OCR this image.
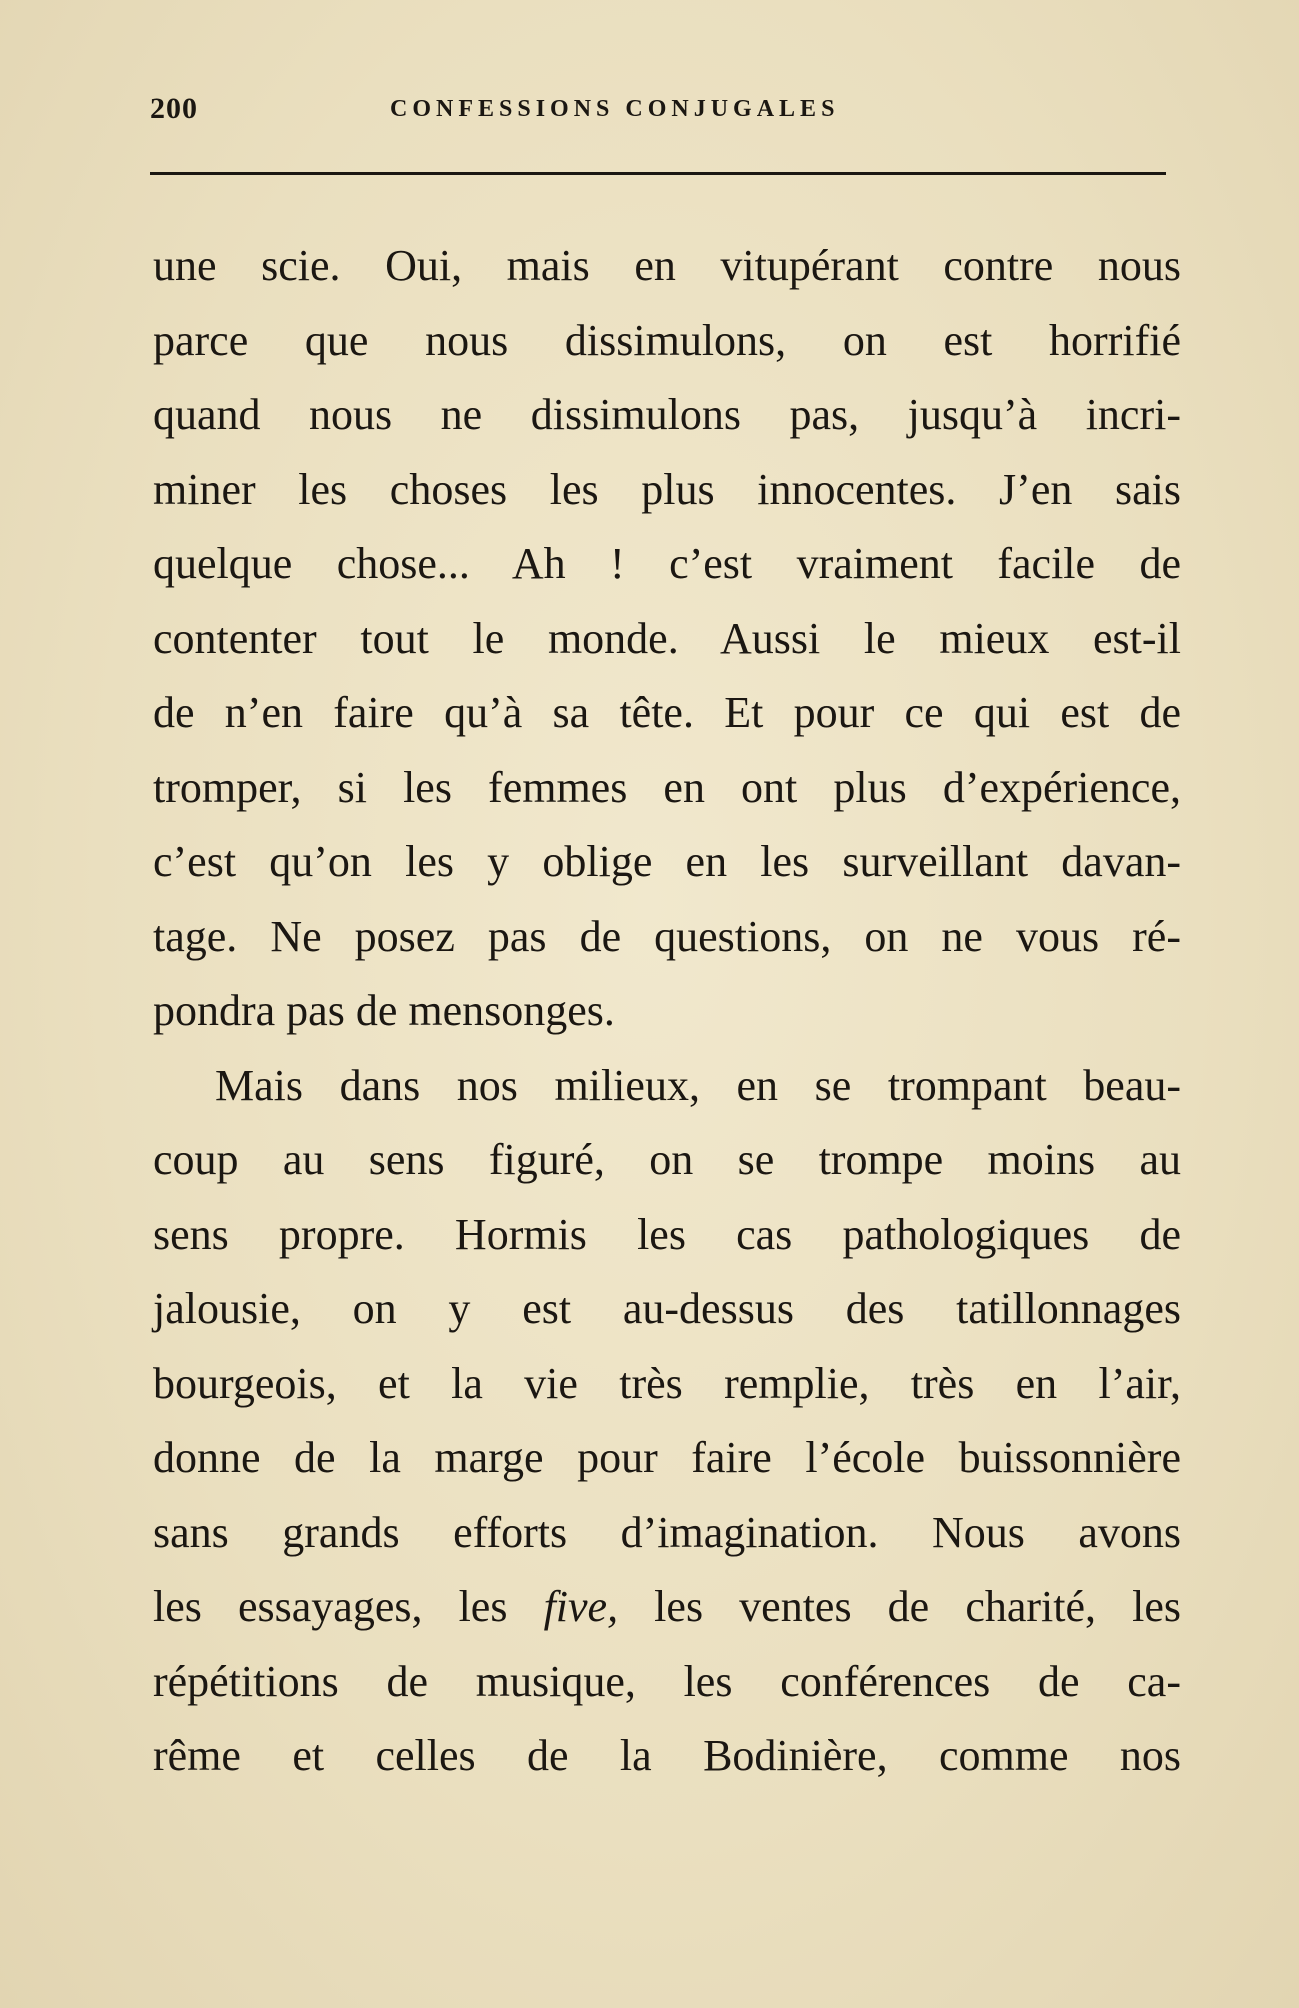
200	CONFESSIONS CONJUGALES
une scie. Oui, mais en vitupérant contre nous
parce que nous dissimulons, on est horrifié
quand nous ne dissimulons pas, jusqu’à incri-
miner les choses les plus innocentes. J’en sais
quelque chose... Ah ! c’est vraiment facile de
contenter tout le monde. Aussi le mieux est-il
de n’en faire qu’à sa tête. Et pour ce qui est de
tromper, si les femmes en ont plus d’expérience,
c’est qu’on les y oblige en les surveillant davan-
tage. Ne posez pas de questions, on ne vous ré-
pondra pas de mensonges.
Mais dans nos milieux, en se trompant beau-
coup au sens figuré, on se trompe moins au
sens propre. Hormis les cas pathologiques de
jalousie, on y est au-dessus des tatillonnages
bourgeois, et la vie très remplie, très en l’air,
donne de la marge pour faire l’école buissonnière
sans grands efforts d’imagination. Nous avons
les essayages, les five, les ventes de charité, les
répétitions de musique, les conférences de ca-
rême et celles de la Bodinière, comme nos
